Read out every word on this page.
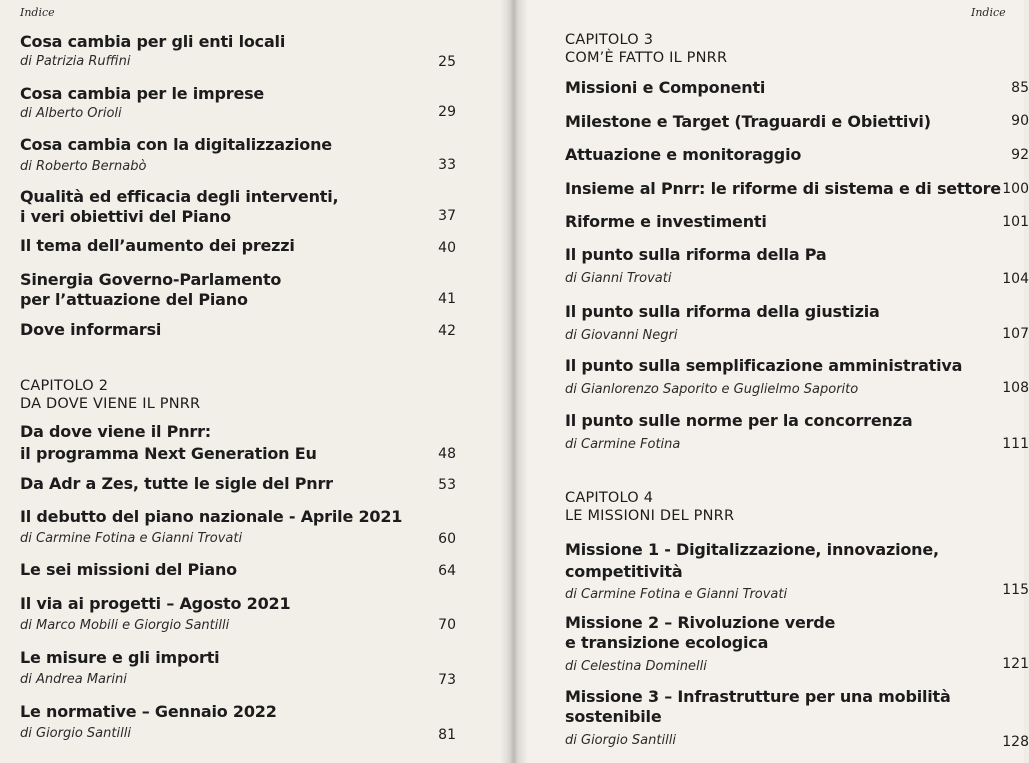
Indice
Cosa cambia per gli enti locali
di Patrizia Ruffini	25
Cosa cambia per le imprese
di Alberto Orioli	29
Cosa cambia con la digitalizzazione
di Roberto Bernabò	33
Qualità ed efficacia degli interventi,
i veri obiettivi del Piano	37
Il tema dell’aumento dei prezzi	40
Sinergia Governo-Parlamento
per l’attuazione del Piano	41
Dove informarsi	42
CAPITOLO 2
DA DOVE VIENE IL PNRR
Da dove viene il Pnrr:
il programma Next Generation Eu	48
Da Adr a Zes, tutte le sigle del Pnrr	53
Il debutto del piano nazionale - Aprile 2021
di Carmine Fotina e Gianni Trovati	60
Le sei missioni del Piano	64
Il via ai progetti – Agosto 2021
di Marco Mobili e Giorgio Santilli	70
Le misure e gli importi
di Andrea Marini	73
Le normative – Gennaio 2022
di Giorgio Santilli	81
Indice
CAPITOLO 3
COM’È FATTO IL PNRR
Missioni e Componenti	85
Milestone e Target (Traguardi e Obiettivi)	90
Attuazione e monitoraggio	92
Insieme al Pnrr: le riforme di sistema e di settore 100
Riforme e investimenti	101
Il punto sulla riforma della Pa
di Gianni Trovati	104
Il punto sulla riforma della giustizia
di Giovanni Negri	107
Il punto sulla semplificazione amministrativa
di Gianlorenzo Saporito e Guglielmo Saporito	108
Il punto sulle norme per la concorrenza
di Carmine Fotina	111
CAPITOLO 4
LE MISSIONI DEL PNRR
Missione 1 - Digitalizzazione, innovazione,
competitività
di Carmine Fotina e Gianni Trovati	115
Missione 2 – Rivoluzione verde
e transizione ecologica
di Celestina Dominelli	121
Missione 3 – Infrastrutture per una mobilità
sostenibile
di Giorgio Santilli	128
